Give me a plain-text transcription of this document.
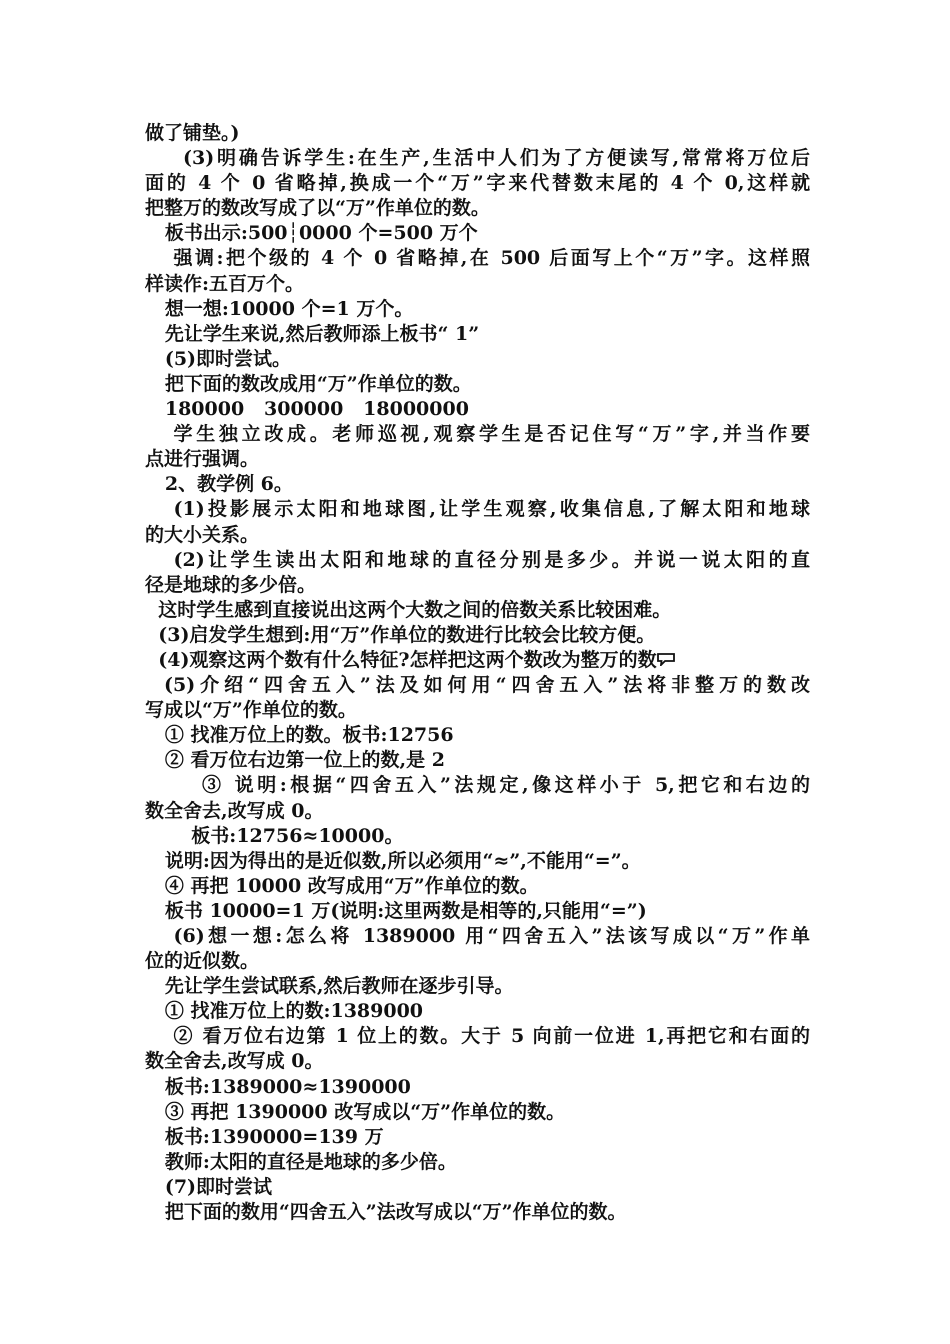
做了铺垫。)
(3)明确告诉学生:在生产,生活中人们为了方便读写,常常将万位后
面的 4 个 0 省略掉,换成一个“万”字来代替数末尾的 4 个 0,这样就
把整万的数改写成了以“万”作单位的数。
板书出示:500┆0000 个=500 万个
强调:把个级的 4 个 0 省略掉,在 500 后面写上个“万”字。这样照
样读作:五百万个。
想一想:10000 个=1 万个。
先让学生来说,然后教师添上板书“ 1”
(5)即时尝试。
把下面的数改成用“万”作单位的数。
180000   300000   18000000
学生独立改成。老师巡视,观察学生是否记住写“万”字,并当作要
点进行强调。
2、教学例 6。
(1)投影展示太阳和地球图,让学生观察,收集信息,了解太阳和地球
的大小关系。
(2)让学生读出太阳和地球的直径分别是多少。并说一说太阳的直
径是地球的多少倍。
这时学生感到直接说出这两个大数之间的倍数关系比较困难。
(3)启发学生想到:用“万”作单位的数进行比较会比较方便。
(4)观察这两个数有什么特征?怎样把这两个数改为整万的数
(5)介绍“四舍五入”法及如何用“四舍五入”法将非整万的数改
写成以“万”作单位的数。
① 找准万位上的数。板书:12756
② 看万位右边第一位上的数,是 2
③ 说明:根据“四舍五入”法规定,像这样小于 5,把它和右边的
数全舍去,改写成 0。
板书:12756≈10000。
说明:因为得出的是近似数,所以必须用“≈”,不能用“=”。
④ 再把 10000 改写成用“万”作单位的数。
板书 10000=1 万(说明:这里两数是相等的,只能用“=”)
(6)想一想:怎么将 1389000 用“四舍五入”法该写成以“万”作单
位的近似数。
先让学生尝试联系,然后教师在逐步引导。
① 找准万位上的数:1389000
② 看万位右边第 1 位上的数。大于 5 向前一位进 1,再把它和右面的
数全舍去,改写成 0。
板书:1389000≈1390000
③ 再把 1390000 改写成以“万”作单位的数。
板书:1390000=139 万
教师:太阳的直径是地球的多少倍。
(7)即时尝试
把下面的数用“四舍五入”法改写成以“万”作单位的数。
